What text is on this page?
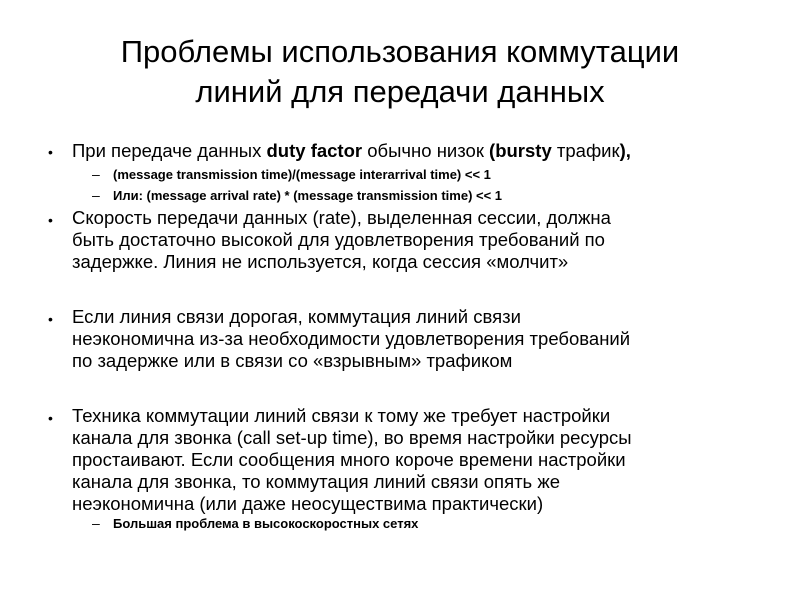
Проблемы использования коммутации
линий для передачи данных
• При передаче данных duty factor обычно низок (bursty трафик),
– (message transmission time)/(message interarrival time) << 1
– Или: (message arrival rate) * (message transmission time) << 1
• Скорость передачи данных (rate), выделенная сессии, должна
быть достаточно высокой для удовлетворения требований по
задержке. Линия не используется, когда сессия «молчит»
• Если линия связи дорогая, коммутация линий связи
неэкономична из-за необходимости удовлетворения требований
по задержке или в связи со «взрывным» трафиком
• Техника коммутации линий связи к тому же требует настройки
канала для звонка (call set-up time), во время настройки ресурсы
простаивают. Если сообщения много короче времени настройки
канала для звонка, то коммутация линий связи опять же
неэкономична (или даже неосуществима практически)
– Большая проблема в высокоскоростных сетях
